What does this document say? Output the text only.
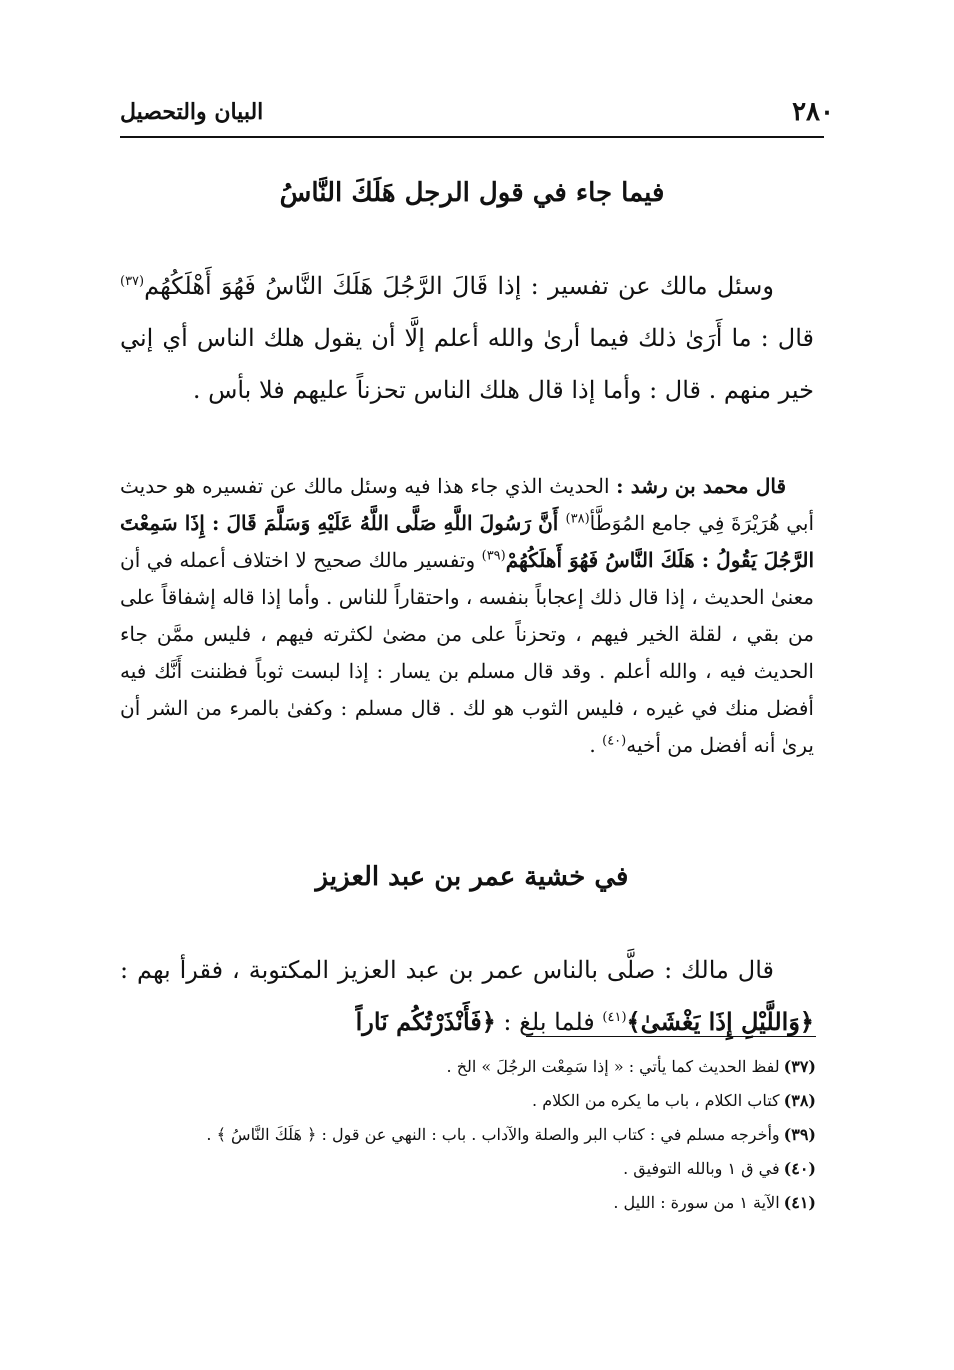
٢٨٠
البيان والتحصيل
فيما جاء في قول الرجل هَلَكَ النَّاسُ

وسئل مالك عن تفسير : إذا قَالَ الرَّجُلَ هَلَكَ النَّاسُ فَهُوَ أَهْلَكُهُم$^{(٣٧)}$ قال : ما أَرَىٰ ذلك فيما أرىٰ والله أعلم إلَّا أن يقول هلك الناس أي إني خير منهم . قال : وأما إذا قال هلك الناس تحزناً عليهم فلا بأس .

قال محمد بن رشد : الحديث الذي جاء هذا فيه وسئل مالك عن تفسيره هو حديث أبي هُرَيْرَةَ فِي جامع المُوَطَّأ$^{(٣٨)}$ أَنَّ رَسُولَ اللَّهِ صَلَّى اللَّهُ عَلَيْهِ وَسَلَّمَ قَالَ : إِذَا سَمِعْتَ الرَّجُلَ يَقُولُ : هَلَكَ النَّاسُ فَهُوَ أَهلَكُهُمْ$^{(٣٩)}$ وتفسير مالك صحيح لا اختلاف أعمله في أن معنىٰ الحديث ، إذا قال ذلك إعجاباً بنفسه ، واحتقاراً للناس . وأما إذا قاله إشفاقاً على من بقي ، لقلة الخير فيهم ، وتحزناً على من مضىٰ لكثرته فيهم ، فليس ممَّن جاء الحديث فيه ، والله أعلم . وقد قال مسلم بن يسار : إذا لبست ثوباً فظننت أَنَّك فيه أفضل منك في غيره ، فليس الثوب هو لك . قال مسلم : وكفىٰ بالمرء من الشر أن يرىٰ أنه أفضل من أخيه$^{(٤٠)}$ .

في خشية عمر بن عبد العزيز

قال مالك : صلَّى بالناس عمر بن عبد العزيز المكتوبة ، فقرأ بهم : ﴿وَاللَّيْلِ إِذَا يَغْشَىٰ﴾$^{(٤١)}$ فلما بلغ : ﴿فَأَنْذَرْتُكُم نَاراً

(٣٧)لفظ الحديث كما يأتي : « إذا سَمِعْت الرجُلَ » الخ .

(٣٨)كتاب الكلام ، باب ما يكره من الكلام .

(٣٩)وأخرجه مسلم في : كتاب البر والصلة والآداب . باب : النهي عن قول : ﴿ هَلَكَ النَّاسُ ﴾ .

(٤٠)في ق ١ وبالله التوفيق .

(٤١)الآية ١ من سورة : الليل .
